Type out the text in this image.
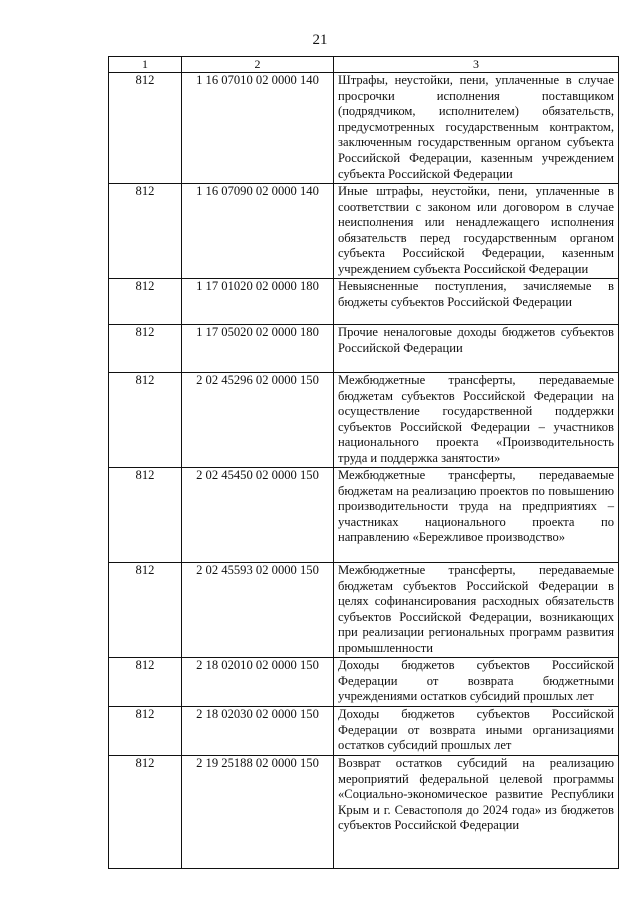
21
1	2	3
812	1 16 07010 02 0000 140	Штрафы, неустойки, пени, уплаченные в случае просрочки исполнения поставщиком (подрядчиком, исполнителем) обязательств, предусмотренных государственным контрактом, заключенным государственным органом субъекта Российской Федерации, казенным учреждением субъекта Российской Федерации
812	1 16 07090 02 0000 140	Иные штрафы, неустойки, пени, уплаченные в соответствии с законом или договором в случае неисполнения или ненадлежащего исполнения обязательств перед государственным органом субъекта Российской Федерации, казенным учреждением субъекта Российской Федерации
812	1 17 01020 02 0000 180	Невыясненные поступления, зачисляемые в бюджеты субъектов Российской Федерации
812	1 17 05020 02 0000 180	Прочие неналоговые доходы бюджетов субъектов Российской Федерации
812	2 02 45296 02 0000 150	Межбюджетные трансферты, передаваемые бюджетам субъектов Российской Федерации на осуществление государственной поддержки субъектов Российской Федерации – участников национального проекта «Производительность труда и поддержка занятости»
812	2 02 45450 02 0000 150	Межбюджетные трансферты, передаваемые бюджетам на реализацию проектов по повышению производительности труда на предприятиях – участниках национального проекта по направлению «Бережливое производство»
812	2 02 45593 02 0000 150	Межбюджетные трансферты, передаваемые бюджетам субъектов Российской Федерации в целях софинансирования расходных обязательств субъектов Российской Федерации, возникающих при реализации региональных программ развития промышленности
812	2 18 02010 02 0000 150	Доходы бюджетов субъектов Российской Федерации от возврата бюджетными учреждениями остатков субсидий прошлых лет
812	2 18 02030 02 0000 150	Доходы бюджетов субъектов Российской Федерации от возврата иными организациями остатков субсидий прошлых лет
812	2 19 25188 02 0000 150	Возврат остатков субсидий на реализацию мероприятий федеральной целевой программы «Социально-экономическое развитие Республики Крым и г. Севастополя до 2024 года» из бюджетов субъектов Российской Федерации
